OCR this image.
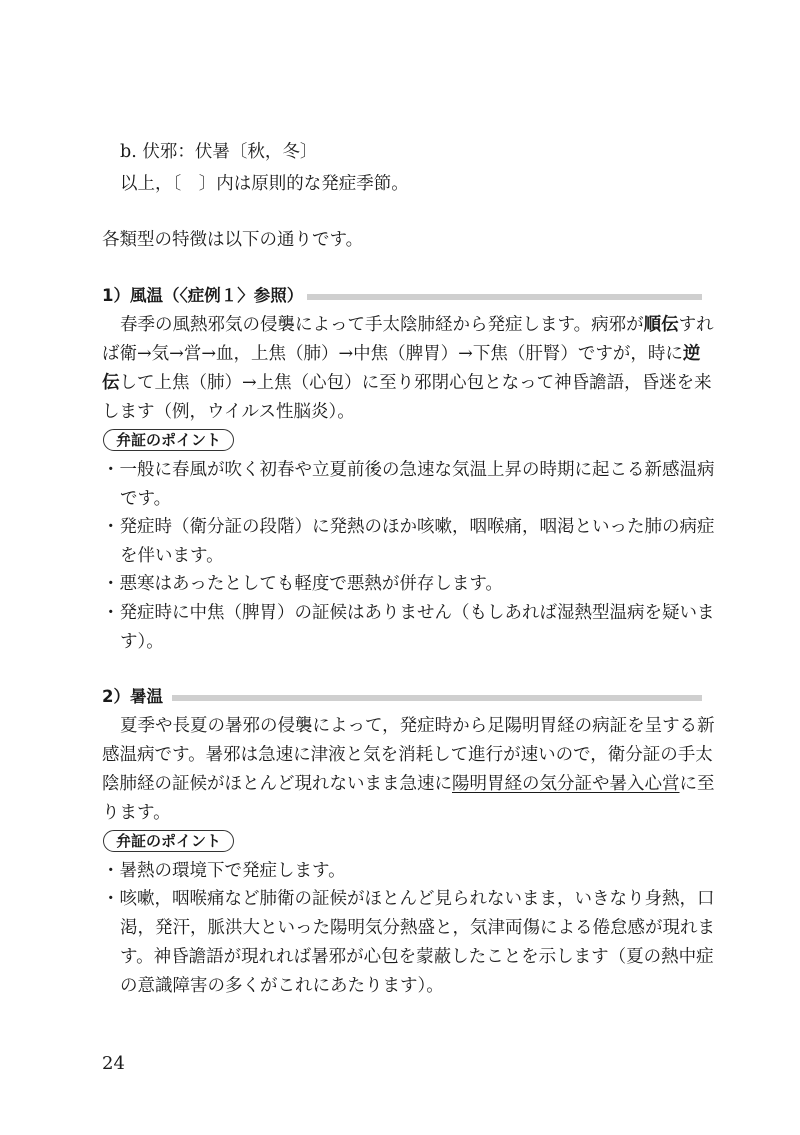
b. 伏邪：伏暑〔秋，冬〕
以上，〔　〕内は原則的な発症季節。
各類型の特徴は以下の通りです。
1）風温（〈症例１〉参照）
春季の風熱邪気の侵襲によって手太陰肺経から発症します。病邪が順伝すれ
ば衛→気→営→血，上焦（肺）→中焦（脾胃）→下焦（肝腎）ですが，時に逆
伝して上焦（肺）→上焦（心包）に至り邪閉心包となって神昏譫語，昏迷を来
します（例，ウイルス性脳炎）。
弁証のポイント
・一般に春風が吹く初春や立夏前後の急速な気温上昇の時期に起こる新感温病
です。
・発症時（衛分証の段階）に発熱のほか咳嗽，咽喉痛，咽渇といった肺の病症
を伴います。
・悪寒はあったとしても軽度で悪熱が併存します。
・発症時に中焦（脾胃）の証候はありません（もしあれば湿熱型温病を疑いま
す）。
2）暑温
夏季や長夏の暑邪の侵襲によって，発症時から足陽明胃経の病証を呈する新
感温病です。暑邪は急速に津液と気を消耗して進行が速いので，衛分証の手太
陰肺経の証候がほとんど現れないまま急速に陽明胃経の気分証や暑入心営に至
ります。
弁証のポイント
・暑熱の環境下で発症します。
・咳嗽，咽喉痛など肺衛の証候がほとんど見られないまま，いきなり身熱，口
渇，発汗，脈洪大といった陽明気分熱盛と，気津両傷による倦怠感が現れま
す。神昏譫語が現れれば暑邪が心包を蒙蔽したことを示します（夏の熱中症
の意識障害の多くがこれにあたります）。
24
